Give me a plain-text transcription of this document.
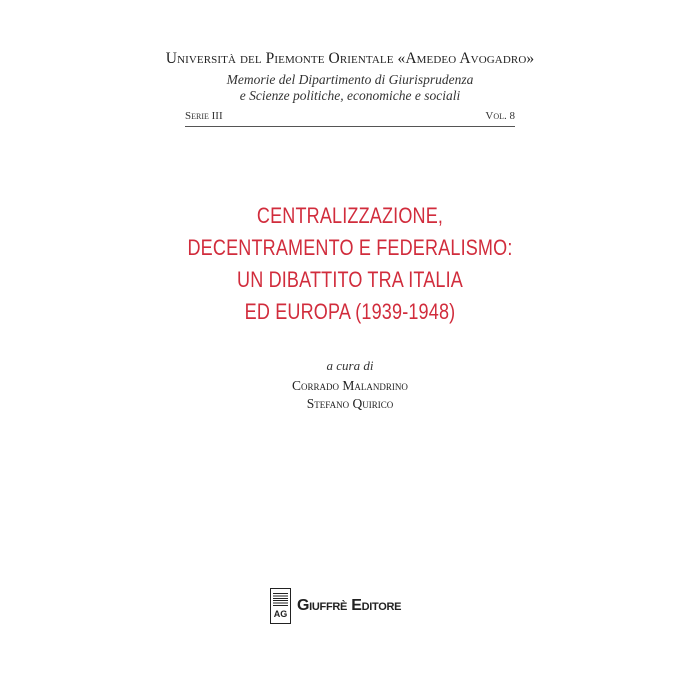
Università del Piemonte Orientale «Amedeo Avogadro»
Memorie del Dipartimento di Giurisprudenza
e Scienze politiche, economiche e sociali
Serie III	Vol. 8
CENTRALIZZAZIONE,
DECENTRAMENTO E FEDERALISMO:
UN DIBATTITO TRA ITALIA
ED EUROPA (1939-1948)
a cura di
Corrado Malandrino
Stefano Quirico
AG Giuffrè Editore
